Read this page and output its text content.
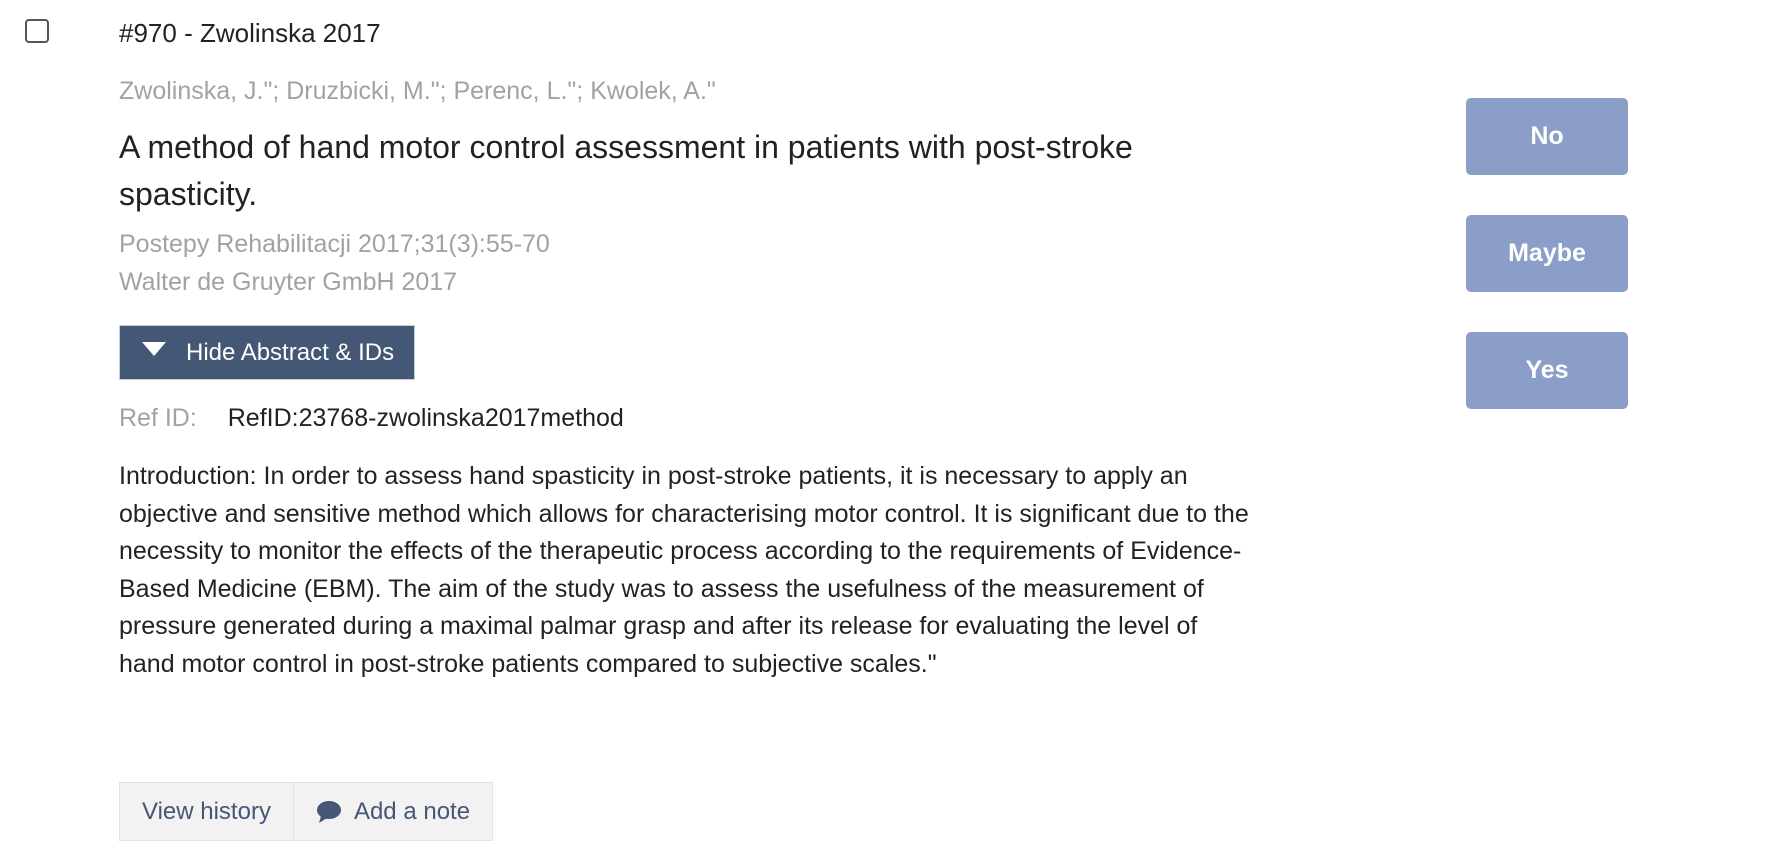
#970 - Zwolinska 2017
Zwolinska, J."; Druzbicki, M."; Perenc, L."; Kwolek, A."
A method of hand motor control assessment in patients with post-stroke spasticity.
Postepy Rehabilitacji 2017;31(3):55-70
Walter de Gruyter GmbH 2017
Hide Abstract & IDs
Ref ID: RefID:23768-zwolinska2017method
Introduction: In order to assess hand spasticity in post-stroke patients, it is necessary to apply an objective and sensitive method which allows for characterising motor control. It is significant due to the necessity to monitor the effects of the therapeutic process according to the requirements of Evidence-Based Medicine (EBM). The aim of the study was to assess the usefulness of the measurement of pressure generated during a maximal palmar grasp and after its release for evaluating the level of hand motor control in post-stroke patients compared to subjective scales."
No
Maybe
Yes
View history	Add a note
